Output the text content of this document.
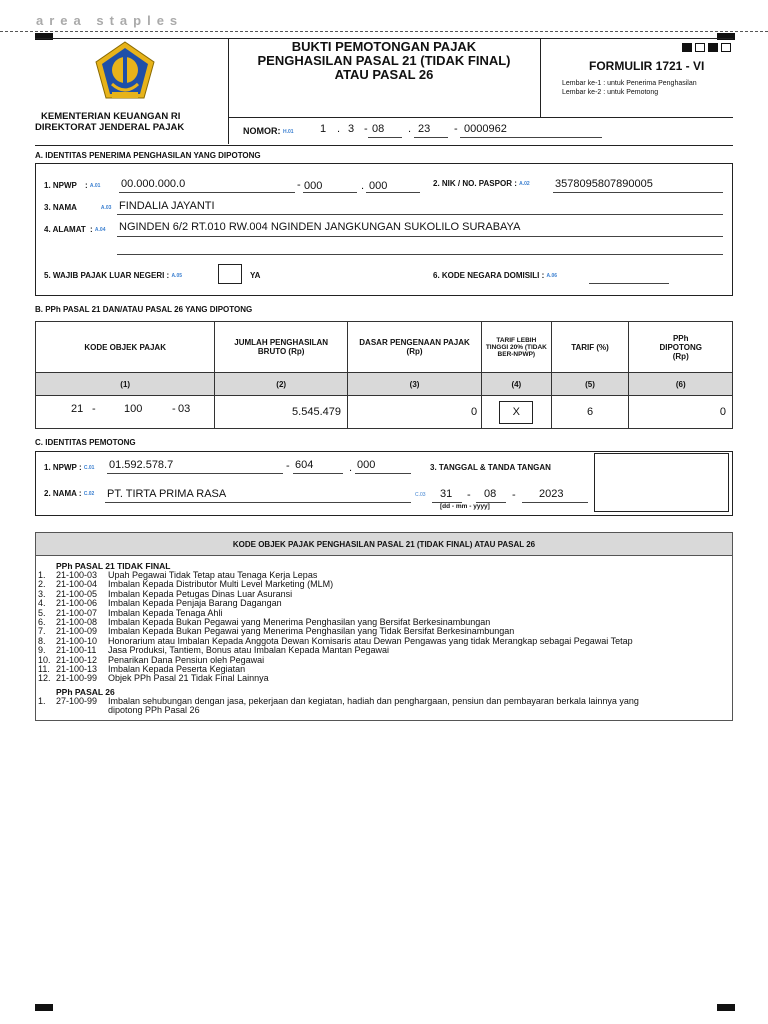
area staples
KEMENTERIAN KEUANGAN RI
DIREKTORAT JENDERAL PAJAK
BUKTI PEMOTONGAN PAJAK
PENGHASILAN PASAL 21 (TIDAK FINAL)
ATAU PASAL 26
FORMULIR 1721 - VI
Lembar ke-1 : untuk Penerima Penghasilan
Lembar ke-2 : untuk Pemotong
NOMOR: H.01 1 . 3 - 08 . 23 - 0000962
A. IDENTITAS PENERIMA PENGHASILAN YANG DIPOTONG
1. NPWP : A.01 00.000.000.0	- 000	. 000	2. NIK / NO. PASPOR : A.02 3578095807890005
3. NAMA	A.03 FINDALIA JAYANTI
4. ALAMAT : A.04 NGINDEN 6/2 RT.010 RW.004 NGINDEN JANGKUNGAN SUKOLILO SURABAYA
5. WAJIB PAJAK LUAR NEGERI : A.05	YA	6. KODE NEGARA DOMISILI : A.06
B. PPh PASAL 21 DAN/ATAU PASAL 26 YANG DIPOTONG
KODE OBJEK PAJAK	JUMLAH PENGHASILAN BRUTO (Rp)	DASAR PENGENAAN PAJAK (Rp)	TARIF LEBIH TINGGI 20% (TIDAK BER-NPWP)	TARIF (%)	PPh DIPOTONG (Rp)
(1)	(2)	(3)	(4)	(5)	(6)

21 - 100 - 03	5.545.479	0	X	6	0
C. IDENTITAS PEMOTONG
1. NPWP : C.01 01.592.578.7	- 604	. 000	3. TANGGAL & TANDA TANGAN
2. NAMA : C.02 PT. TIRTA PRIMA RASA	C.03 31 - 08 - 2023
[dd - mm - yyyy]
KODE OBJEK PAJAK PENGHASILAN PASAL 21 (TIDAK FINAL) ATAU PASAL 26
PPh PASAL 21 TIDAK FINAL
1. 21-100-03 Upah Pegawai Tidak Tetap atau Tenaga Kerja Lepas
2. 21-100-04 Imbalan Kepada Distributor Multi Level Marketing (MLM)
3. 21-100-05 Imbalan Kepada Petugas Dinas Luar Asuransi
4. 21-100-06 Imbalan Kepada Penjaja Barang Dagangan
5. 21-100-07 Imbalan Kepada Tenaga Ahli
6. 21-100-08 Imbalan Kepada Bukan Pegawai yang Menerima Penghasilan yang Bersifat Berkesinambungan
7. 21-100-09 Imbalan Kepada Bukan Pegawai yang Menerima Penghasilan yang Tidak Bersifat Berkesinambungan
8. 21-100-10 Honorarium atau Imbalan Kepada Anggota Dewan Komisaris atau Dewan Pengawas yang tidak Merangkap sebagai Pegawai Tetap
9. 21-100-11 Jasa Produksi, Tantiem, Bonus atau Imbalan Kepada Mantan Pegawai
10. 21-100-12 Penarikan Dana Pensiun oleh Pegawai
11. 21-100-13 Imbalan Kepada Peserta Kegiatan
12. 21-100-99 Objek PPh Pasal 21 Tidak Final Lainnya
PPh PASAL 26
1. 27-100-99 Imbalan sehubungan dengan jasa, pekerjaan dan kegiatan, hadiah dan penghargaan, pensiun dan pembayaran berkala lainnya yang
dipotong PPh Pasal 26
